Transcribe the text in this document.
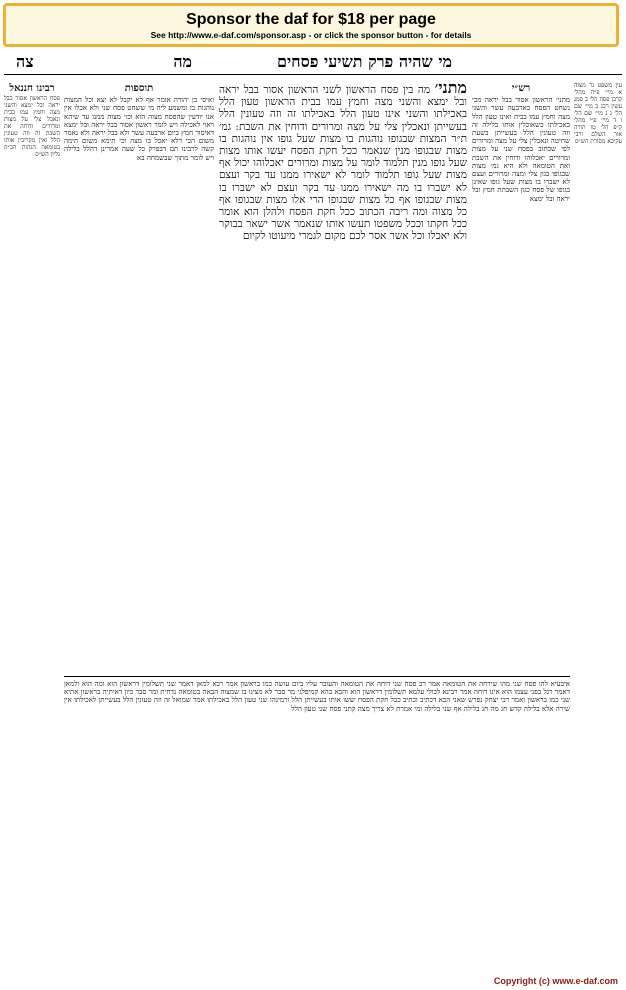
Sponsor the daf for $18 per page
See http://www.e-daf.com/sponsor.asp - or click the sponsor button - for details
מה	מי שהיה פרק תשיעי פסחים
צה
עין משפט נר מצוה א מיי׳ פ״ה מהל׳ קרבן פסח הל׳ ב סמג עשין רכג ב מיי׳ שם הל׳ ג ג מיי׳ שם הל׳ ו ד מיי׳ פ״י מהל׳ ק״פ הל׳ טו תורה אור השלם ורבי עקיבא מסורת הש״ס
רש״י
מתני׳ הראשון אסור בבל יראה מכי נשחט הפסח בארבעה עשר והשני מצה וחמץ עמו בבית ואינו טעון הלל באכילתו כשאוכלין אותו בלילה זה וזה טעונין הלל בעשייתן בשעת שחיטה ונאכלין צלי על מצה ומרורים לפי שכתוב בפסח שני על מצות ומרורים יאכלוהו ודוחין את השבת ואת הטומאה ולא היא גמ׳ מצות שבגופו כגון צלי ומצה ומרורים ועצם לא ישברו בו מצות שעל גופו שאינן בגופו של פסח כגון השבתת חמץ ובל יראה ובל ימצא
מתני׳ מה בין פסח הראשון לשני הראשון אסור בבל יראה ובל ימצא והשני מצה וחמץ עמו בבית הראשון טעון הלל באכילתו והשני אינו טעון הלל באכילתו זה וזה טעונין הלל בעשייתן ונאכלין צלי על מצה ומרורים ודוחין את השבת: גמ׳ ת״ר המצות שבגופו נוהגות בו מצות שעל גופו אין נוהגות בו מצות שבגופו מנין שנאמר ככל חקת הפסח יעשו אותו מצות שעל גופו מנין תלמוד לומר על מצות ומרורים יאכלוהו יכול אף מצות שעל גופו תלמוד לומר לא ישאירו ממנו עד בקר ועצם לא ישברו בו מה ישאירו ממנו עד בקר ועצם לא ישברו בו מצות שבגופו אף כל מצות שבגופו הרי אלו מצות שבגופו אף כל מצוה ומה ריבה הכתוב ככל חקת הפסח ולהלן הוא אומר ככל חקתו וככל משפטו תעשו אותו שנאמר אשר ישאר בבוקר ולא יאכלו וכל אשר אסר לכם מקום לגמרי מיעוטו לקיום
תוספות
ואיסי בן יהודה אומר אף לא יקבל לא יצא וכל המצות נוהגות בו ומשמע ליה מי ששחט פסח שני ולא אכלו אין אנו יודעין שהפסח מצוה הוא וכו׳ מצוה ממנו עד שיהא ראוי לאכילה ויש לומר ראשון אסור בבל יראה ובל ימצא דאיסור חמץ ביום ארבעה עשר ולא בבל יראה ולא נאמר משום הכי דלא יאכל בו מצה וכי תימא משום תימה קשה לרבינו תם דבפרק כל שעה אמרינן דהלל בלילה ויש לומר מתוך שבשמחה בא
רבינו חננאל
פסח הראשון אסור בבל יראה ובל ימצא והשני מצה וחמץ עמו בבית ונאכל צלי על מצות ומרורים ודוחה את השבת זה וזה טעונין הלל ואין מקריבין אותו בטומאה הגהות הב״ח גליון הש״ס
איבעיא להו פסח שני מהו שידחה את הטומאה אמר רב פסח שני דוחה את הטומאה והעובר עליו ביום עושה כמו בראשון אמר רבא למאן דאמר שני תשלומין דראשון הוא ומה הוא ולמאן דאמר רגל בפני עצמו הוא אינו דוחה אמר רבינא לכולי עלמא תשלומין דראשון הוא והכא בהא קמיפלגי מר סבר לא מצינו בו שמצוה הבאה בטומאה נדחית ומר סבר כיון דאיתיה בראשון אתיא שני כמו בראשון ואמר רבי יצחק נפרש שאני הכא דכתיב וכתיב ככל חקת הפסח יעשו אותו בעשייתן הלל ורמינהו שני טעון הלל באכילתו אמר שמואל זה וזה טעונין הלל בעשייתן לאכילתו אין שירה אלא בלילה קדש חג מה חג בלילה אף שני בלילה ומי אמרת לא צריך מצה קתני פסח שני טעון הלל
Copyright (c) www.e-daf.com
